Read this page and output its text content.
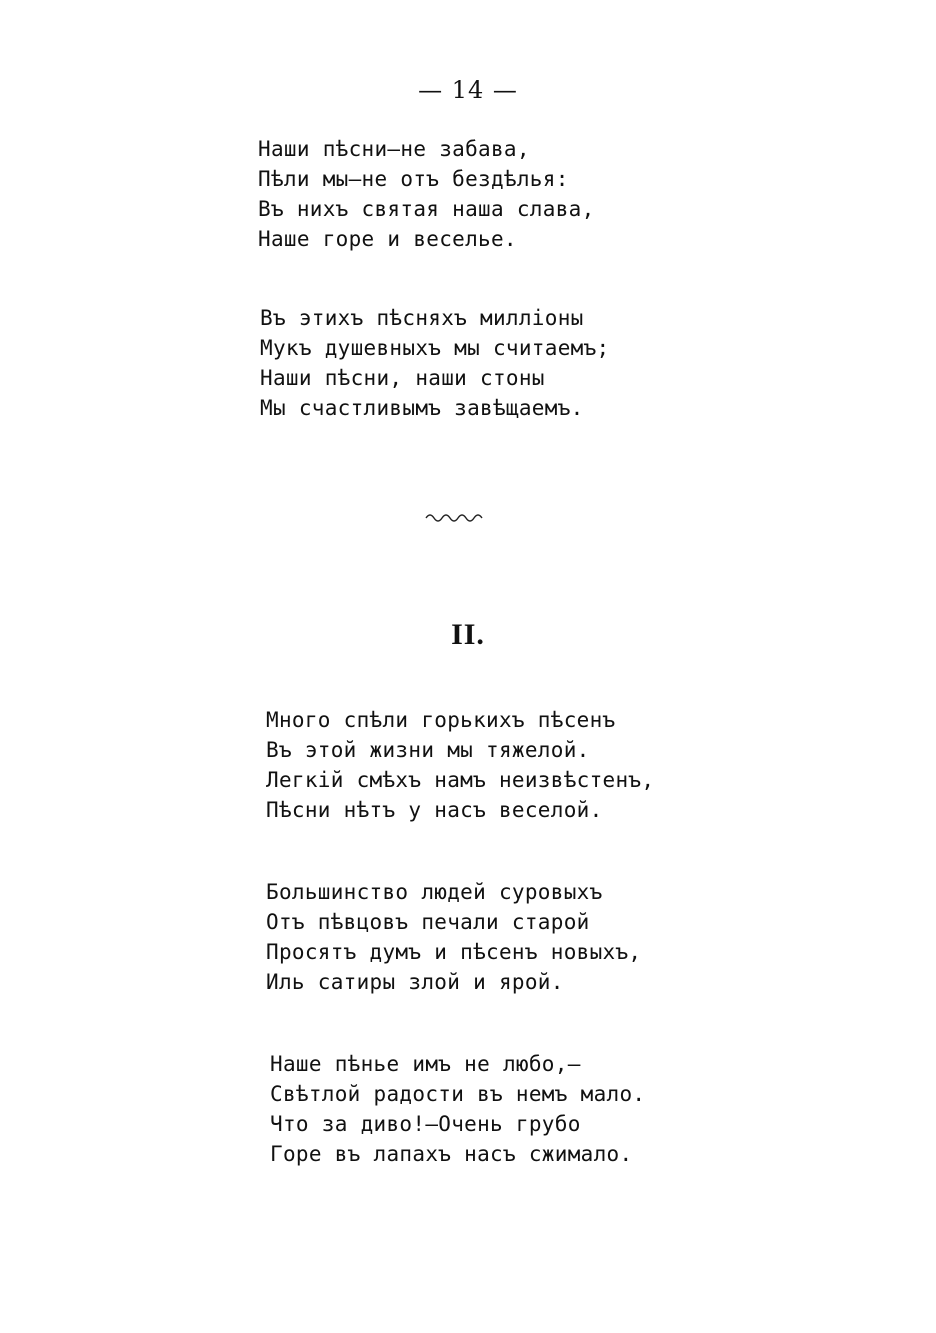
— 14 —
Наши пѣсни—не забава,
Пѣли мы—не отъ бездѣлья:
Въ нихъ святая наша слава,
Наше горе и веселье.
Въ этихъ пѣсняхъ милліоны
Мукъ душевныхъ мы считаемъ;
Наши пѣсни, наши стоны
Мы счастливымъ завѣщаемъ.
II.
Много спѣли горькихъ пѣсенъ
Въ этой жизни мы тяжелой.
Легкій смѣхъ намъ неизвѣстенъ,
Пѣсни нѣтъ у насъ веселой.
Большинство людей суровыхъ
Отъ пѣвцовъ печали старой
Просятъ думъ и пѣсенъ новыхъ,
Иль сатиры злой и ярой.
Наше пѣнье имъ не любо,—
Свѣтлой радости въ немъ мало.
Что за диво!—Очень грубо
Горе въ лапахъ насъ сжимало.
